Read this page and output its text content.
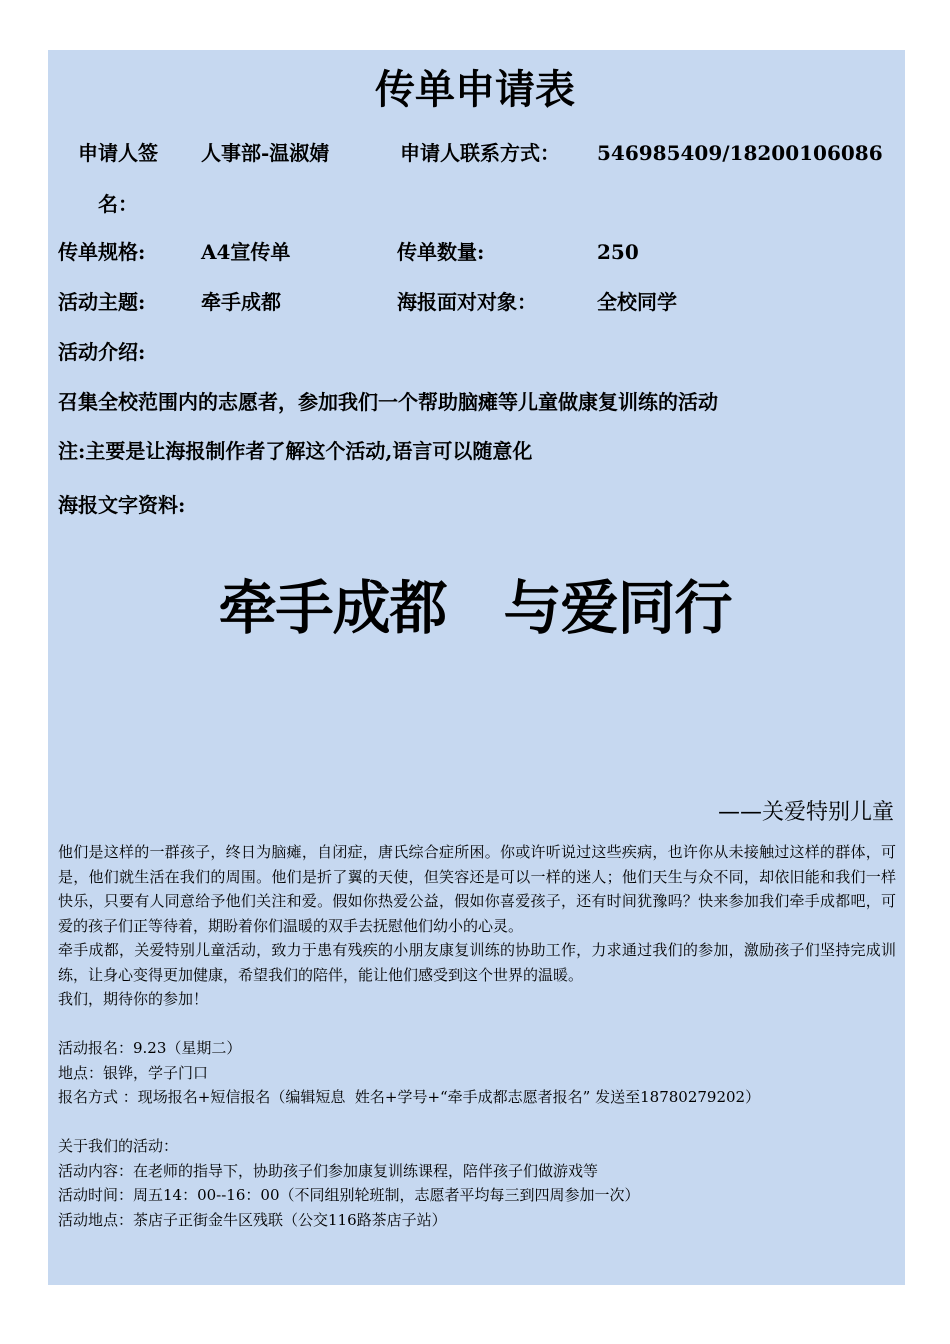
传单申请表
申请人签
名：
人事部-温淑婧	申请人联系方式： 546985409/18200106086
传单规格:	A4宣传单	传单数量:	250
活动主题:	牵手成都	海报面对对象：	全校同学
活动介绍:
召集全校范围内的志愿者，参加我们一个帮助脑瘫等儿童做康复训练的活动
注:主要是让海报制作者了解这个活动,语言可以随意化
海报文字资料:
牵手成都　与爱同行
——关爱特别儿童

他们是这样的一群孩子，终日为脑瘫，自闭症，唐氏综合症所困。你或许听说过这些疾病，也许你从未接触过这样的群体，可是，他们就生活在我们的周围。他们是折了翼的天使，但笑容还是可以一样的迷人；他们天生与众不同，却依旧能和我们一样快乐，只要有人同意给予他们关注和爱。假如你热爱公益，假如你喜爱孩子，还有时间犹豫吗？快来参加我们牵手成都吧，可爱的孩子们正等待着，期盼着你们温暖的双手去抚慰他们幼小的心灵。

牵手成都，关爱特别儿童活动，致力于患有残疾的小朋友康复训练的协助工作，力求通过我们的参加，激励孩子们坚持完成训练，让身心变得更加健康，希望我们的陪伴，能让他们感受到这个世界的温暖。

我们，期待你的参加！

活动报名：9.23（星期二）

地点：银铧，学子门口

报名方式 ：现场报名+短信报名（编辑短息  姓名+学号+“牵手成都志愿者报名” 发送至18780279202）

关于我们的活动：

活动内容：在老师的指导下，协助孩子们参加康复训练课程，陪伴孩子们做游戏等

活动时间：周五14：00--16：00（不同组别轮班制，志愿者平均每三到四周参加一次）

活动地点：茶店子正街金牛区残联（公交116路茶店子站）
